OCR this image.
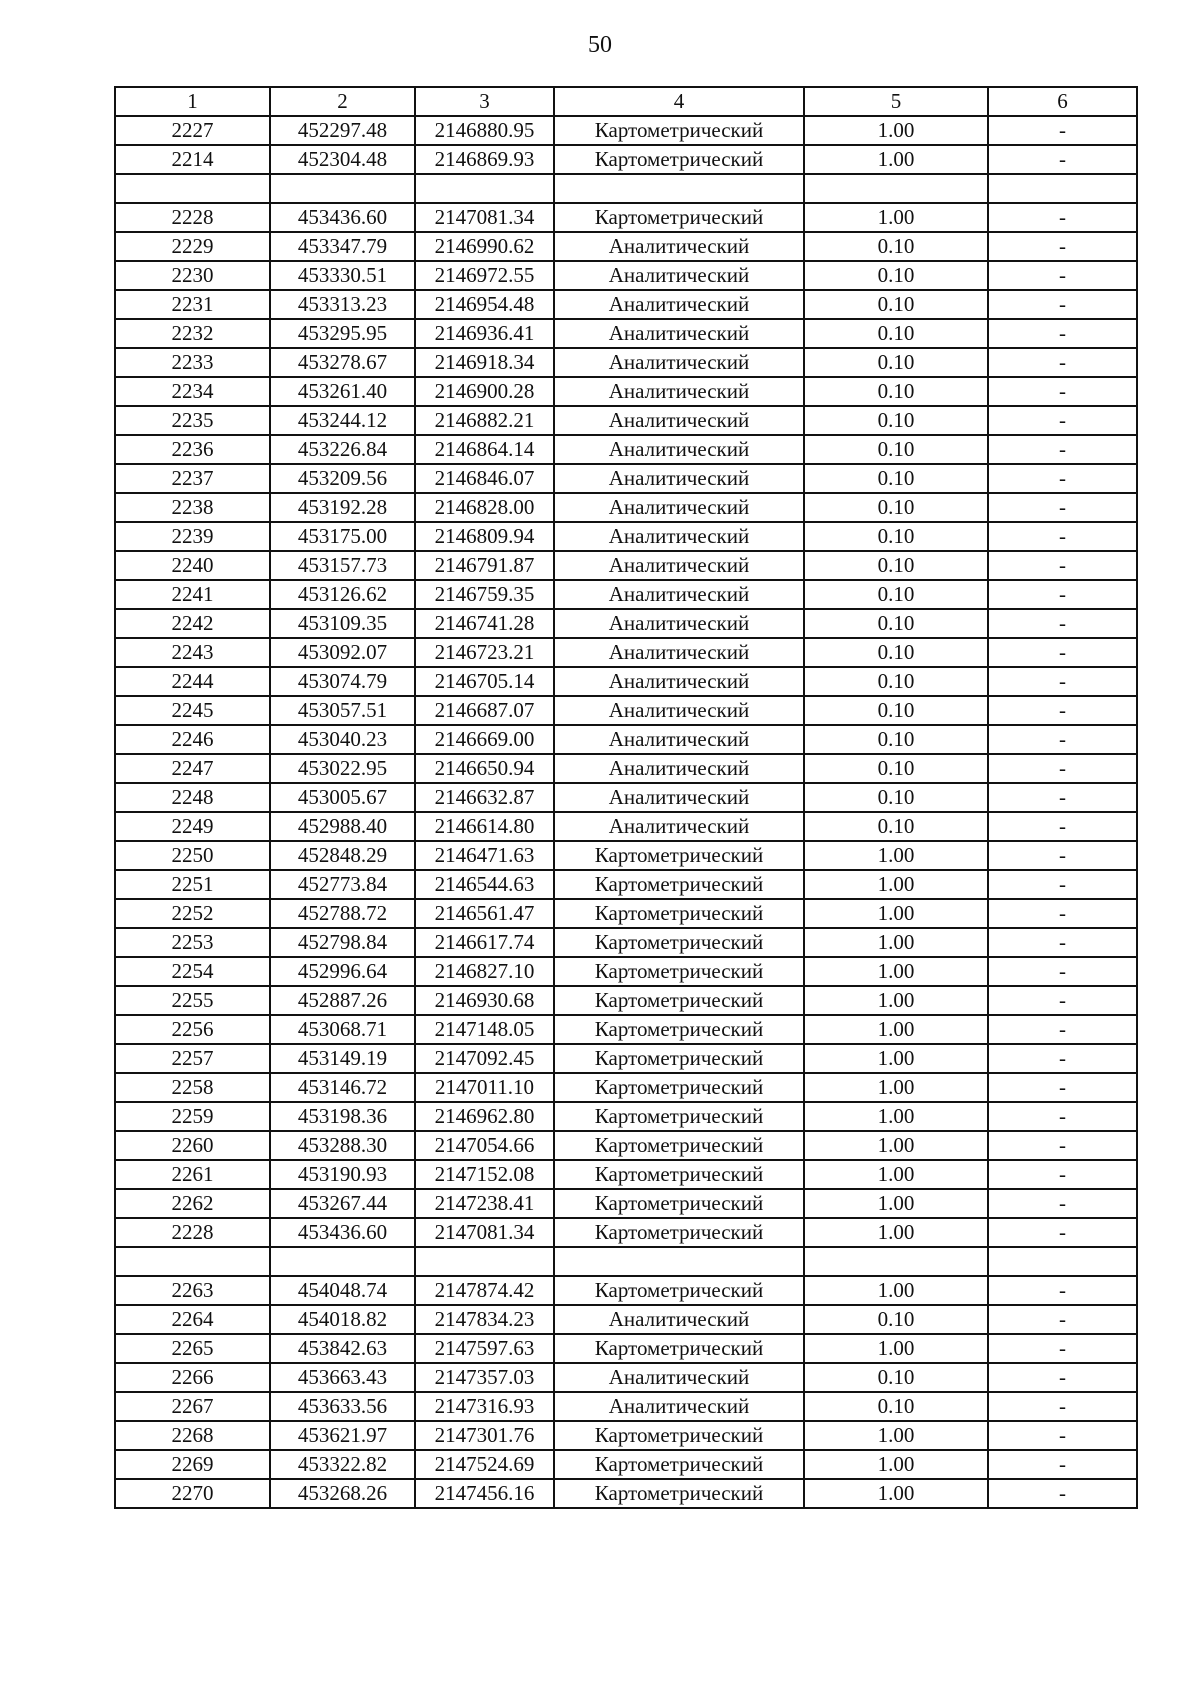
50
1	2	3	4	5	6
2227	452297.48	2146880.95	Картометрический	1.00	-
2214	452304.48	2146869.93	Картометрический	1.00	-

2228	453436.60	2147081.34	Картометрический	1.00	-
2229	453347.79	2146990.62	Аналитический	0.10	-
2230	453330.51	2146972.55	Аналитический	0.10	-
2231	453313.23	2146954.48	Аналитический	0.10	-
2232	453295.95	2146936.41	Аналитический	0.10	-
2233	453278.67	2146918.34	Аналитический	0.10	-
2234	453261.40	2146900.28	Аналитический	0.10	-
2235	453244.12	2146882.21	Аналитический	0.10	-
2236	453226.84	2146864.14	Аналитический	0.10	-
2237	453209.56	2146846.07	Аналитический	0.10	-
2238	453192.28	2146828.00	Аналитический	0.10	-
2239	453175.00	2146809.94	Аналитический	0.10	-
2240	453157.73	2146791.87	Аналитический	0.10	-
2241	453126.62	2146759.35	Аналитический	0.10	-
2242	453109.35	2146741.28	Аналитический	0.10	-
2243	453092.07	2146723.21	Аналитический	0.10	-
2244	453074.79	2146705.14	Аналитический	0.10	-
2245	453057.51	2146687.07	Аналитический	0.10	-
2246	453040.23	2146669.00	Аналитический	0.10	-
2247	453022.95	2146650.94	Аналитический	0.10	-
2248	453005.67	2146632.87	Аналитический	0.10	-
2249	452988.40	2146614.80	Аналитический	0.10	-
2250	452848.29	2146471.63	Картометрический	1.00	-
2251	452773.84	2146544.63	Картометрический	1.00	-
2252	452788.72	2146561.47	Картометрический	1.00	-
2253	452798.84	2146617.74	Картометрический	1.00	-
2254	452996.64	2146827.10	Картометрический	1.00	-
2255	452887.26	2146930.68	Картометрический	1.00	-
2256	453068.71	2147148.05	Картометрический	1.00	-
2257	453149.19	2147092.45	Картометрический	1.00	-
2258	453146.72	2147011.10	Картометрический	1.00	-
2259	453198.36	2146962.80	Картометрический	1.00	-
2260	453288.30	2147054.66	Картометрический	1.00	-
2261	453190.93	2147152.08	Картометрический	1.00	-
2262	453267.44	2147238.41	Картометрический	1.00	-
2228	453436.60	2147081.34	Картометрический	1.00	-

2263	454048.74	2147874.42	Картометрический	1.00	-
2264	454018.82	2147834.23	Аналитический	0.10	-
2265	453842.63	2147597.63	Картометрический	1.00	-
2266	453663.43	2147357.03	Аналитический	0.10	-
2267	453633.56	2147316.93	Аналитический	0.10	-
2268	453621.97	2147301.76	Картометрический	1.00	-
2269	453322.82	2147524.69	Картометрический	1.00	-
2270	453268.26	2147456.16	Картометрический	1.00	-
